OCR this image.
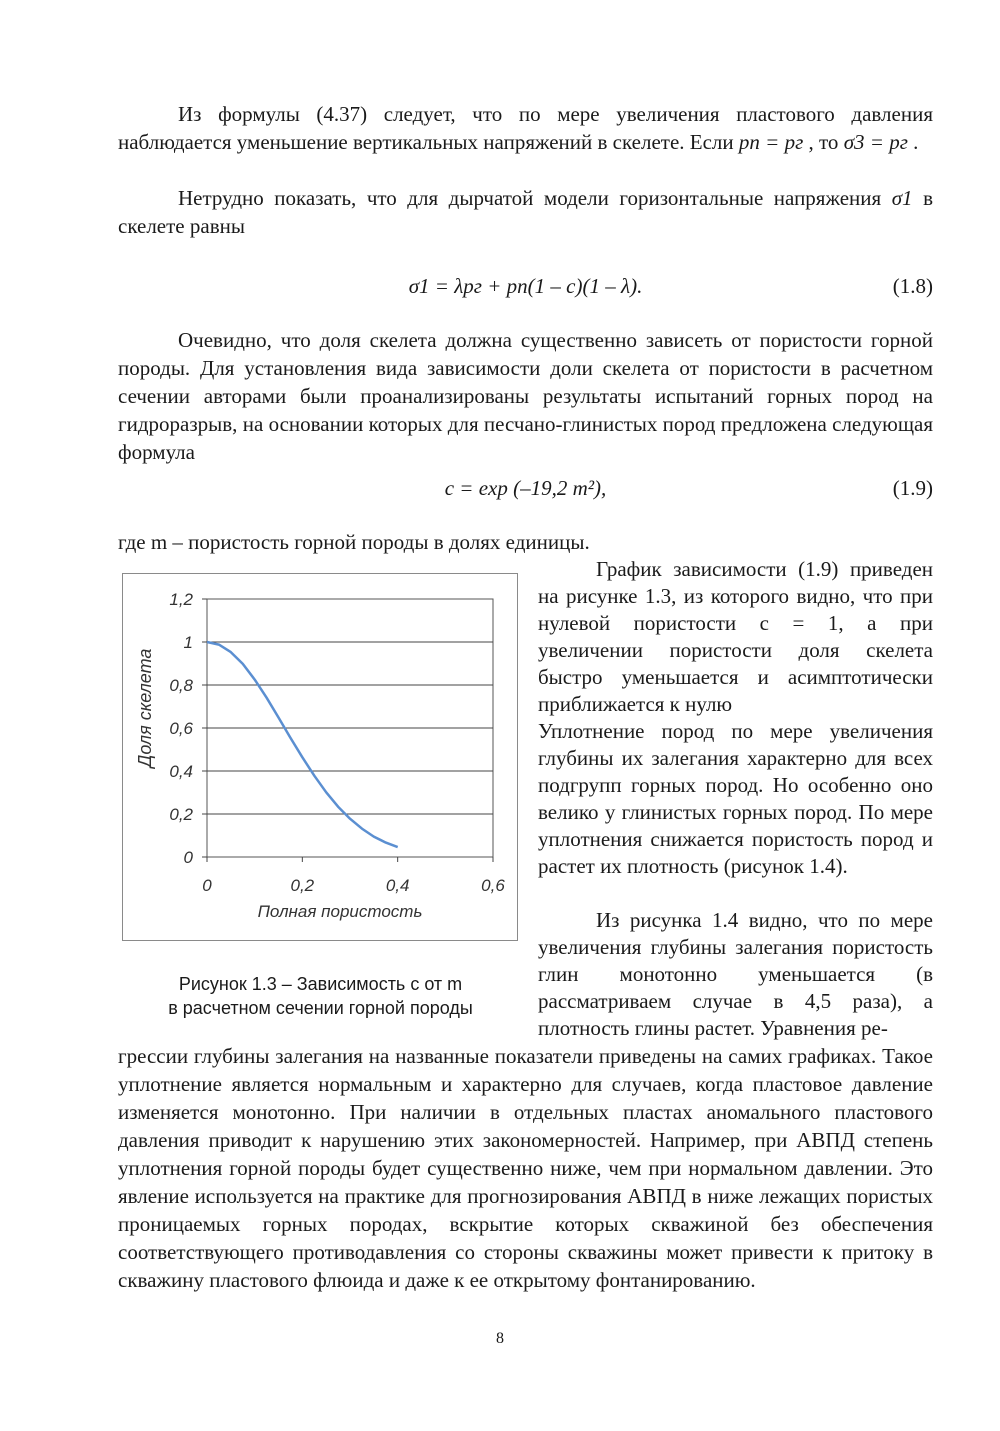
Из формулы (4.37) следует, что по мере увеличения пластового давления наблюдается уменьшение вертикальных напряжений в скелете. Если pп = pг , то σ3 = pг .

Нетрудно показать, что для дырчатой модели горизонтальные напряжения σ1 в скелете равны

σ1 = λpг + pп(1 – c)(1 – λ).	(1.8)

Очевидно, что доля скелета должна существенно зависеть от пористости горной породы. Для установления вида зависимости доли скелета от пористости в расчетном сечении авторами были проанализированы результаты испытаний горных пород на гидроразрыв, на основании которых для песчано-глинистых пород предложена следующая формула

c = exp (–19,2 m²),	(1.9)

где m – пористость горной породы в долях единицы.

0
0,2
0,4
0,6
0,8
1
1,2
0	0,2	0,4	0,6
Полная пористость
Доля скелета
Рисунок 1.3 – Зависимость c от m
в расчетном сечении горной породы

График зависимости (1.9) приведен на рисунке 1.3, из которого видно, что при нулевой пористости c = 1, а при увеличении пористости доля скелета быстро уменьшается и асимптотически приближается к нулю

Уплотнение пород по мере увеличения глубины их залегания характерно для всех подгрупп горных пород. Но особенно оно велико у глинистых горных пород. По мере уплотнения снижается пористость пород и растет их плотность (рисунок 1.4).

Из рисунка 1.4 видно, что по мере увеличения глубины залегания пористость глин монотонно уменьшается (в рассматриваем случае в 4,5 раза), а плотность глины растет. Уравнения ре-

грессии глубины залегания на названные показатели приведены на самих графиках. Такое уплотнение является нормальным и характерно для случаев, когда пластовое давление изменяется монотонно. При наличии в отдельных пластах аномального пластового давления приводит к нарушению этих закономерностей. Например, при АВПД степень уплотнения горной породы будет существенно ниже, чем при нормальном давлении. Это явление используется на практике для прогнозирования АВПД в ниже лежащих пористых проницаемых горных породах, вскрытие которых скважиной без обеспечения соответствующего противодавления со стороны скважины может привести к притоку в скважину пластового флюида и даже к ее открытому фонтанированию.

8
